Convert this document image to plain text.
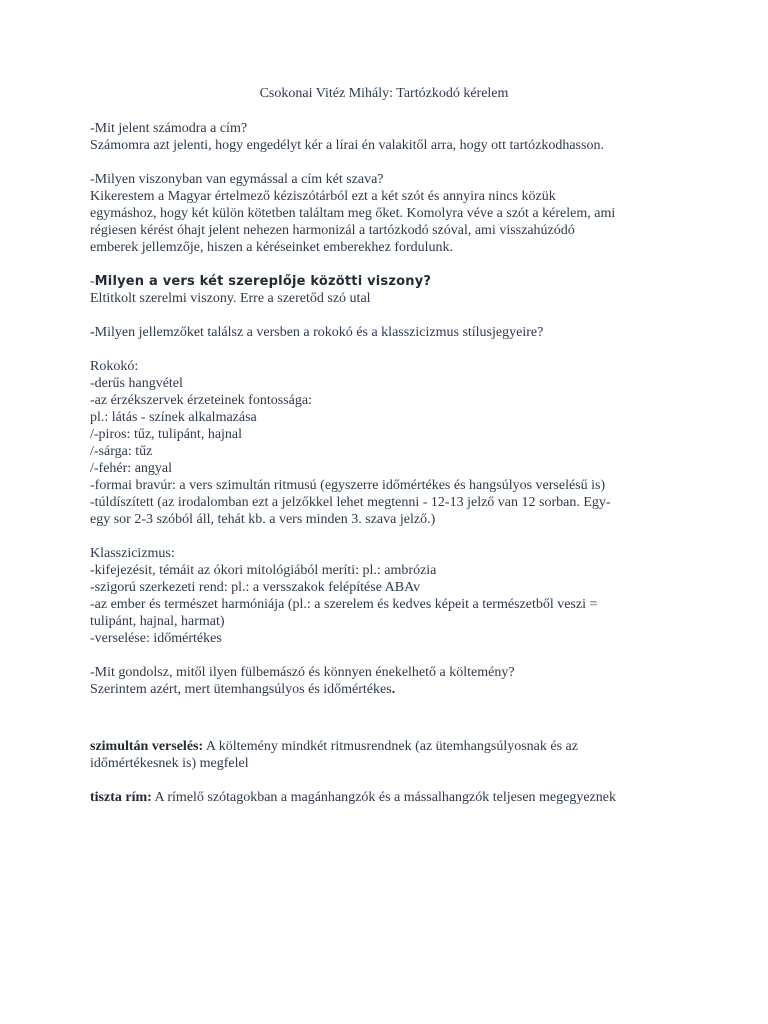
Csokonai Vitéz Mihály: Tartózkodó kérelem

-Mit jelent számodra a cím?

Számomra azt jelenti, hogy engedélyt kér a lírai én valakitől arra, hogy ott tartózkodhasson.

-Milyen viszonyban van egymással a cím két szava?

Kikerestem a Magyar értelmező kéziszótárból ezt a két szót és annyira nincs közük

egymáshoz, hogy két külön kötetben találtam meg őket. Komolyra véve a szót a kérelem, ami

régiesen kérést óhajt jelent nehezen harmonizál a tartózkodó szóval, ami visszahúzódó

emberek jellemzője, hiszen a kéréseinket emberekhez fordulunk.

-Milyen a vers két szereplője közötti viszony?

Eltitkolt szerelmi viszony. Erre a szeretőd szó utal

-Milyen jellemzőket találsz a versben a rokokó és a klasszicizmus stílusjegyeire?

Rokokó:

-derűs hangvétel

-az érzékszervek érzeteinek fontossága:

pl.: látás - színek alkalmazása

/-piros: tűz, tulipánt, hajnal

/-sárga: tűz

/-fehér: angyal

-formai bravúr: a vers szimultán ritmusú (egyszerre időmértékes és hangsúlyos verselésű is)

-túldíszített (az irodalomban ezt a jelzőkkel lehet megtenni - 12-13 jelző van 12 sorban. Egy-

egy sor 2-3 szóból áll, tehát kb. a vers minden 3. szava jelző.)

Klasszicizmus:

-kifejezésit, témáit az ókori mitológiából meríti: pl.: ambrózia

-szigorú szerkezeti rend: pl.: a versszakok felépítése ABAv

-az ember és természet harmóniája (pl.: a szerelem és kedves képeit a természetből veszi =

tulipánt, hajnal, harmat)

-verselése: időmértékes

-Mit gondolsz, mitől ilyen fülbemászó és könnyen énekelhető a költemény?

Szerintem azért, mert ütemhangsúlyos és időmértékes.

szimultán verselés: A költemény mindkét ritmusrendnek (az ütemhangsúlyosnak és az

időmértékesnek is) megfelel

tiszta rím: A rímelő szótagokban a magánhangzók és a mássalhangzók teljesen megegyeznek
